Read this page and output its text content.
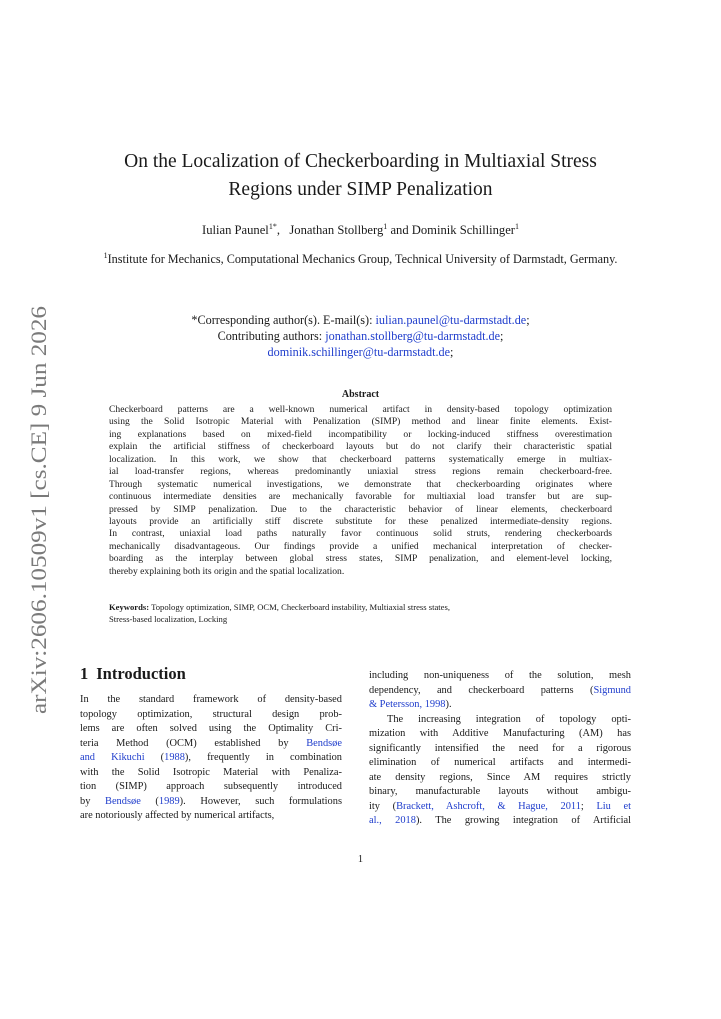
arXiv:2606.10509v1 [cs.CE] 9 Jun 2026
On the Localization of Checkerboarding in Multiaxial Stress
Regions under SIMP Penalization
Iulian Paunel$^{1*}$,   Jonathan Stollberg$^1$ and Dominik Schillinger$^1$
$^1$Institute for Mechanics, Computational Mechanics Group, Technical University of Darmstadt, Germany.
*Corresponding author(s). E-mail(s): iulian.paunel@tu-darmstadt.de;
Contributing authors: jonathan.stollberg@tu-darmstadt.de;
dominik.schillinger@tu-darmstadt.de;
Abstract
Checkerboard patterns are a well-known numerical artifact in density-based topology optimization
using the Solid Isotropic Material with Penalization (SIMP) method and linear finite elements. Exist-
ing explanations based on mixed-field incompatibility or locking-induced stiffness overestimation
explain the artificial stiffness of checkerboard layouts but do not clarify their characteristic spatial
localization. In this work, we show that checkerboard patterns systematically emerge in multiax-
ial load-transfer regions, whereas predominantly uniaxial stress regions remain checkerboard-free.
Through systematic numerical investigations, we demonstrate that checkerboarding originates where
continuous intermediate densities are mechanically favorable for multiaxial load transfer but are sup-
pressed by SIMP penalization. Due to the characteristic behavior of linear elements, checkerboard
layouts provide an artificially stiff discrete substitute for these penalized intermediate-density regions.
In contrast, uniaxial load paths naturally favor continuous solid struts, rendering checkerboards
mechanically disadvantageous. Our findings provide a unified mechanical interpretation of checker-
boarding as the interplay between global stress states, SIMP penalization, and element-level locking,
thereby explaining both its origin and the spatial localization.
Keywords: Topology optimization, SIMP, OCM, Checkerboard instability, Multiaxial stress states,
Stress-based localization, Locking
1 Introduction
In the standard framework of density-based
topology optimization, structural design prob-
lems are often solved using the Optimality Cri-
teria Method (OCM) established by Bendsøe
and Kikuchi (1988), frequently in combination
with the Solid Isotropic Material with Penaliza-
tion (SIMP) approach subsequently introduced
by Bendsøe (1989). However, such formulations
are notoriously affected by numerical artifacts,
including non-uniqueness of the solution, mesh
dependency, and checkerboard patterns (Sigmund
& Petersson, 1998).
The increasing integration of topology opti-
mization with Additive Manufacturing (AM) has
significantly intensified the need for a rigorous
elimination of numerical artifacts and intermedi-
ate density regions, Since AM requires strictly
binary, manufacturable layouts without ambigu-
ity (Brackett, Ashcroft, & Hague, 2011; Liu et
al., 2018). The growing integration of Artificial
1
